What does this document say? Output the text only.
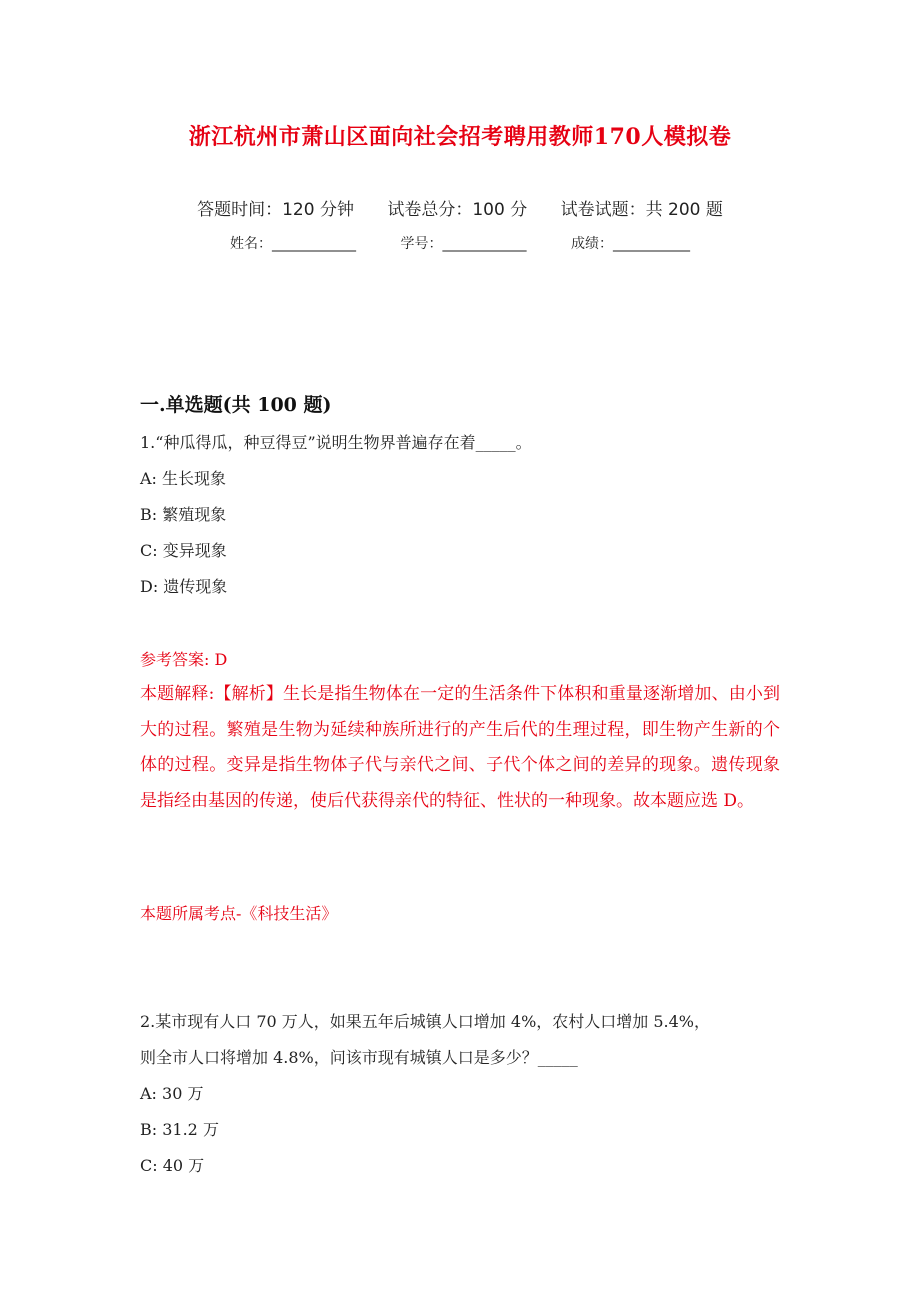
浙江杭州市萧山区面向社会招考聘用教师170人模拟卷
答题时间：120 分钟 试卷总分：100 分 试卷试题：共 200 题
姓名：____________	学号：____________	成绩：___________
一.单选题(共 100 题)
1.“种瓜得瓜，种豆得豆”说明生物界普遍存在着_____。
A: 生长现象
B: 繁殖现象
C: 变异现象
D: 遗传现象
参考答案: D
本题解释:【解析】生长是指生物体在一定的生活条件下体积和重量逐渐增加、由小到大的过程。繁殖是生物为延续种族所进行的产生后代的生理过程，即生物产生新的个体的过程。变异是指生物体子代与亲代之间、子代个体之间的差异的现象。遗传现象是指经由基因的传递，使后代获得亲代的特征、性状的一种现象。故本题应选 D。
本题所属考点-《科技生活》
2.某市现有人口 70 万人，如果五年后城镇人口增加 4%，农村人口增加 5.4%，
则全市人口将增加 4.8%，问该市现有城镇人口是多少？_____
A: 30 万
B: 31.2 万
C: 40 万
